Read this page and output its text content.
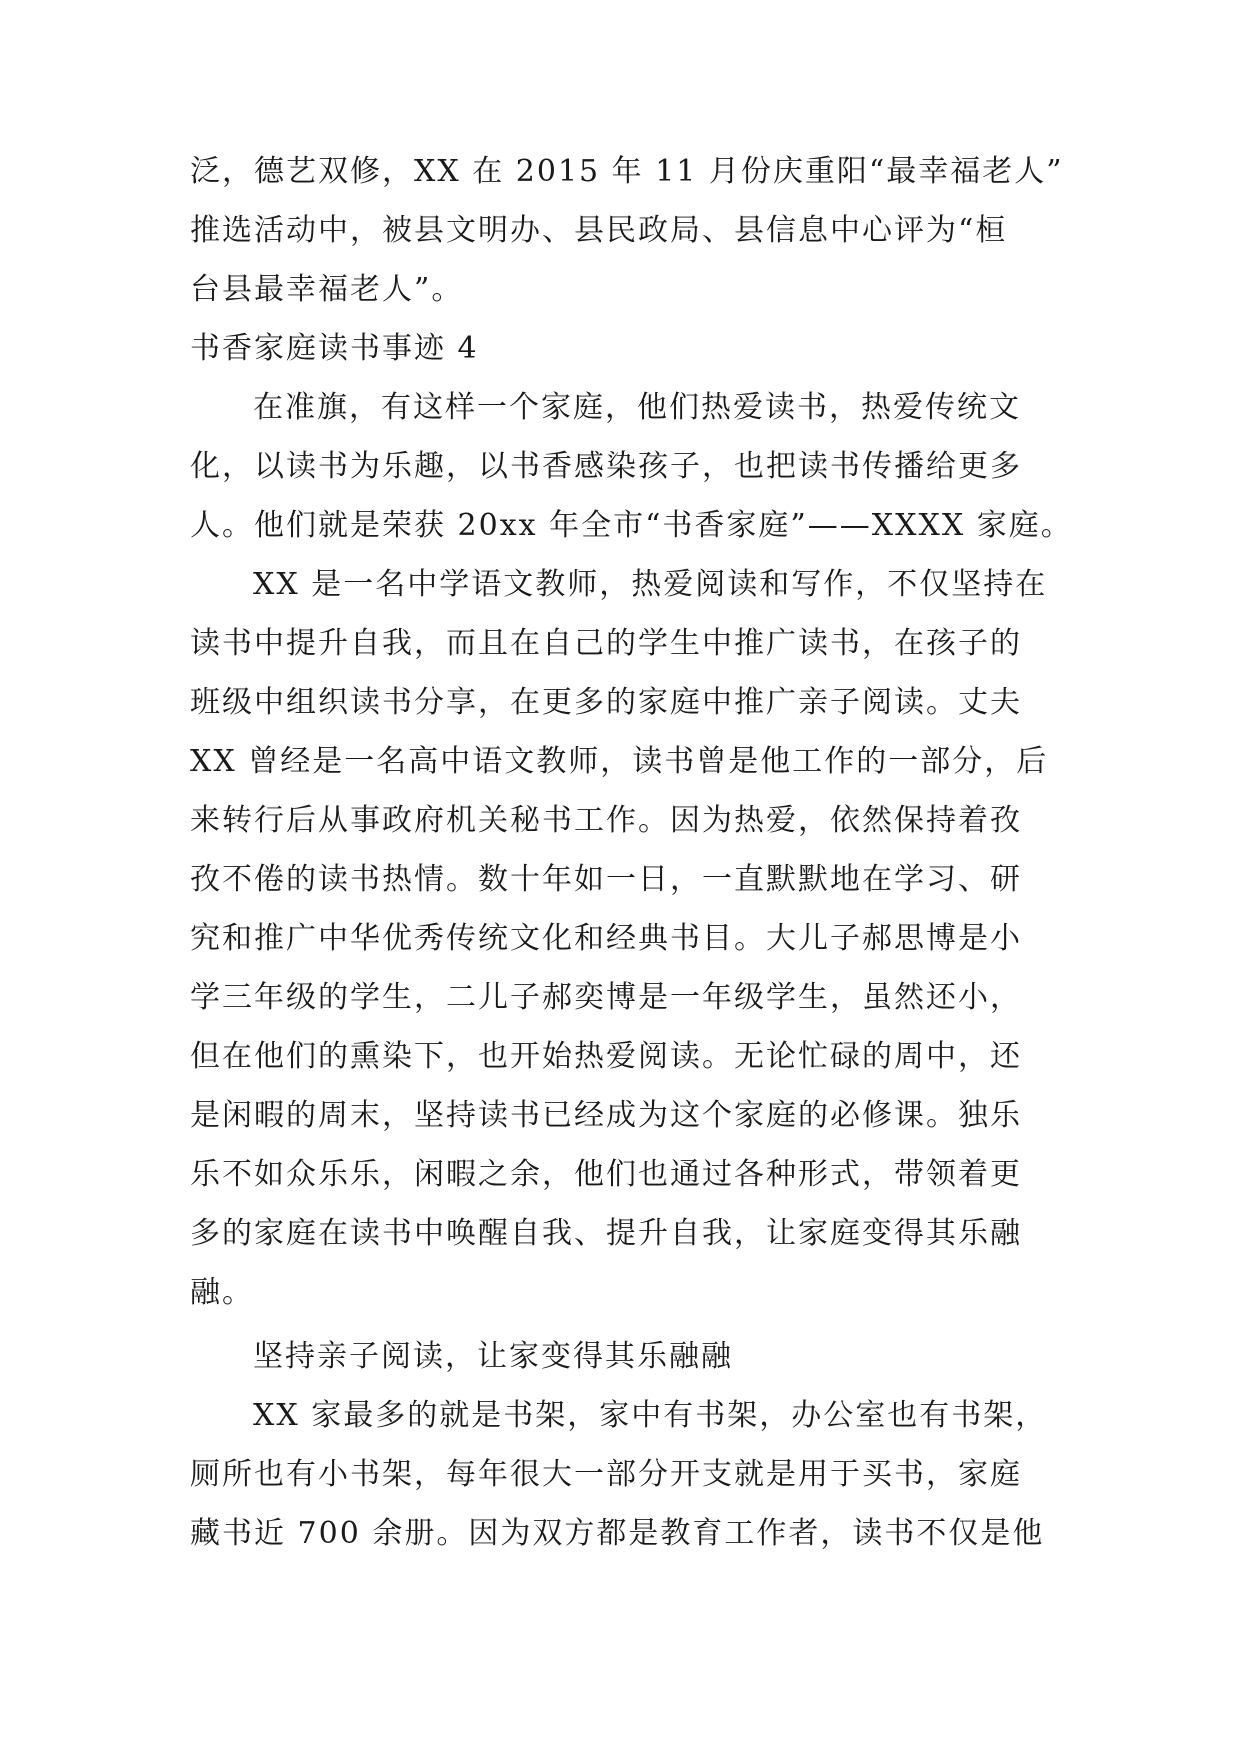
泛，德艺双修，XX 在 2015 年 11 月份庆重阳“最幸福老人”
推选活动中，被县文明办、县民政局、县信息中心评为“桓
台县最幸福老人”。
书香家庭读书事迹 4
在准旗，有这样一个家庭，他们热爱读书，热爱传统文
化，以读书为乐趣，以书香感染孩子，也把读书传播给更多
人。他们就是荣获 20xx 年全市“书香家庭”——XXXX 家庭。
XX 是一名中学语文教师，热爱阅读和写作，不仅坚持在
读书中提升自我，而且在自己的学生中推广读书，在孩子的
班级中组织读书分享，在更多的家庭中推广亲子阅读。丈夫
XX 曾经是一名高中语文教师，读书曾是他工作的一部分，后
来转行后从事政府机关秘书工作。因为热爱，依然保持着孜
孜不倦的读书热情。数十年如一日，一直默默地在学习、研
究和推广中华优秀传统文化和经典书目。大儿子郝思博是小
学三年级的学生，二儿子郝奕博是一年级学生，虽然还小，
但在他们的熏染下，也开始热爱阅读。无论忙碌的周中，还
是闲暇的周末，坚持读书已经成为这个家庭的必修课。独乐
乐不如众乐乐，闲暇之余，他们也通过各种形式，带领着更
多的家庭在读书中唤醒自我、提升自我，让家庭变得其乐融
融。
坚持亲子阅读，让家变得其乐融融
XX 家最多的就是书架，家中有书架，办公室也有书架，
厕所也有小书架，每年很大一部分开支就是用于买书，家庭
藏书近 700 余册。因为双方都是教育工作者，读书不仅是他
